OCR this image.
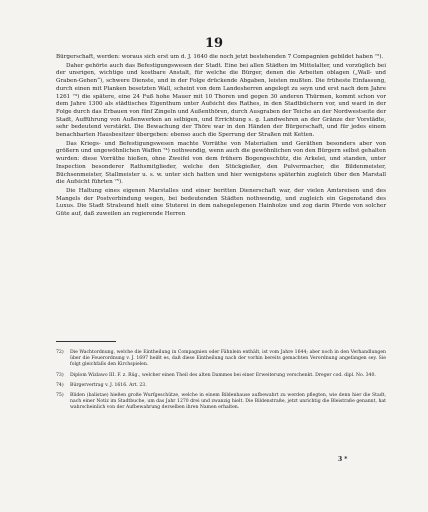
19

Bürgerschaft, werden: woraus sich erst um d. J. 1640 die noch jetzt bestehenden 7 Compagnien gebildet haben ⁷²).

Daher gehörte auch das Befestigungswesen der Stadt. Eine bei allen Städten im Mittelalter, und vorzüglich bei der unsrigen, wichtige und kostbare Anstalt, für welche die Bürger, denen die Arbeiten oblagen („Wall- und Graben-Gehen“), schwere Dienste, und in der Folge drückende Abgaben, leisten mußten. Die früheste Einfassung, durch einen mit Planken besetzten Wall, scheint von dem Landesherren angelegt zu seyn und erst nach dem Jahre 1261 ⁷³) die spätere, eine 24 Fuß hohe Mauer mit 10 Thoren und gegen 30 anderen Thürmen, kommt schon vor dem Jahre 1300 als städtisches Eigenthum unter Aufsicht des Rathes, in den Stadtbüchern vor, und ward in der Folge durch das Erbauen von fünf Zingeln und Außenthören, durch Ausgraben der Teiche an der Nordwestseite der Stadt, Aufführung von Außenwerken an selbigen, und Errichtung s. g. Landwehren an der Gränze der Vorstädte, sehr bedeutend verstärkt. Die Bewachung der Thöre war in den Händen der Bürgerschaft, und für jedes einem benachbarten Hausbesitzer übergeben: ebenso auch die Sperrung der Straßen mit Ketten.

Das Kriegs- und Befestigungswesen machte Vorräthe von Materialien und Geräthen besonders aber von größern und ungewöhnlichen Waffen ⁷⁴) nothwendig, wenn auch die gewöhnlichen von den Bürgern selbst gehalten wurden: diese Vorräthe hießen, ohne Zweifel von dem frühern Bogengeschütz, die Arkelei, und standen, unter Inspection besonderer Rathsmitglieder, welche den Stückgießer, den Pulvermacher, die Bildenmeister, Büchsenmeister, Stallmeister u. s. w. unter sich hatten und hier wenigstens späterhin zugleich über den Marstall die Aufsicht führten ⁷⁵).

Die Haltung eines eigenen Marstalles und einer beritten Dienerschaft war, der vielen Amtsreisen und des Mangels der Postverbindung wegen, bei bedeutenden Städten nothwendig, und zugleich ein Gegenstand des Luxus. Die Stadt Stralsund hielt eine Stuterei in dem nahegelegenen Hainholze und zog darin Pferde von solcher Güte auf, daß zuweilen an regierende Herren

72)	Die Wachtordnung, welche die Eintheilung in Compagnien oder Fähnlein enthält, ist vom Jahre 1644; aber noch in den Verhandlungen über die Feuerordnung v. J. 1697 heißt es, daß diese Eintheilung nach der vorhin bereits gemachten Verordnung angefangen sey. Sie folgt gleichfalls den Kirchspielen.
73)	Diplom Wizlawo III. F. z. Rüg., welcher einen Theil des alten Dammes bei einer Erweiterung verschenkt. Dreger cod. dipl. No. 340.
74)	Bürgervertrag v. J. 1616. Art. 23.
75)	Bliden (balistae) hießen große Wurfgeschütze, welche in einem Bildenhause aufbewahrt zu werden pflegten, wie denn hier die Stadt, nach einer Notiz im Stadtbuche, um das Jahr 1270 drei und zwanzig hielt. Die Bildenstraße, jetzt unrichtig die Bleistraße genannt, hat wahrscheinlich von der Aufbewahrung derselben ihren Namen erhalten.
3 *
